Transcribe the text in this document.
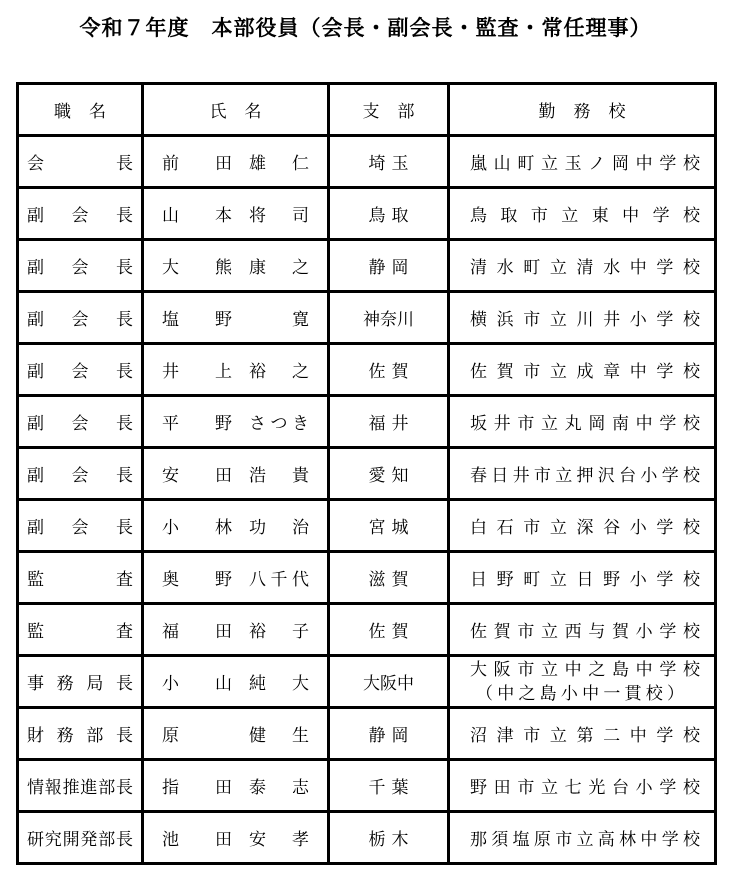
令和７年度　本部役員（会長・副会長・監査・常任理事）
職名	氏名	支部	勤務校
会長	前 田 雄 仁	埼玉	嵐山町立玉ノ岡中学校
副会長	山 本 将 司	鳥取	鳥取市立東中学校
副会長	大 熊 康 之	静岡	清水町立清水中学校
副会長	塩 野 寛	神奈川	横浜市立川井小学校
副会長	井 上 裕 之	佐賀	佐賀市立成章中学校
副会長	平 野 さ つ き	福井	坂井市立丸岡南中学校
副会長	安 田 浩 貴	愛知	春日井市立押沢台小学校
副会長	小 林 功 治	宮城	白石市立深谷小学校
監査	奥 野 八 千 代	滋賀	日野町立日野小学校
監査	福 田 裕 子	佐賀	佐賀市立西与賀小学校
事務局長	小 山 純 大	大阪中	大阪市立中之島中学校
（中之島小中一貫校）

財務部長	原 健 生	静岡	沼津市立第二中学校
情報推進部長	指 田 泰 志	千葉	野田市立七光台小学校
研究開発部長	池 田 安 孝	栃木	那須塩原市立高林中学校
